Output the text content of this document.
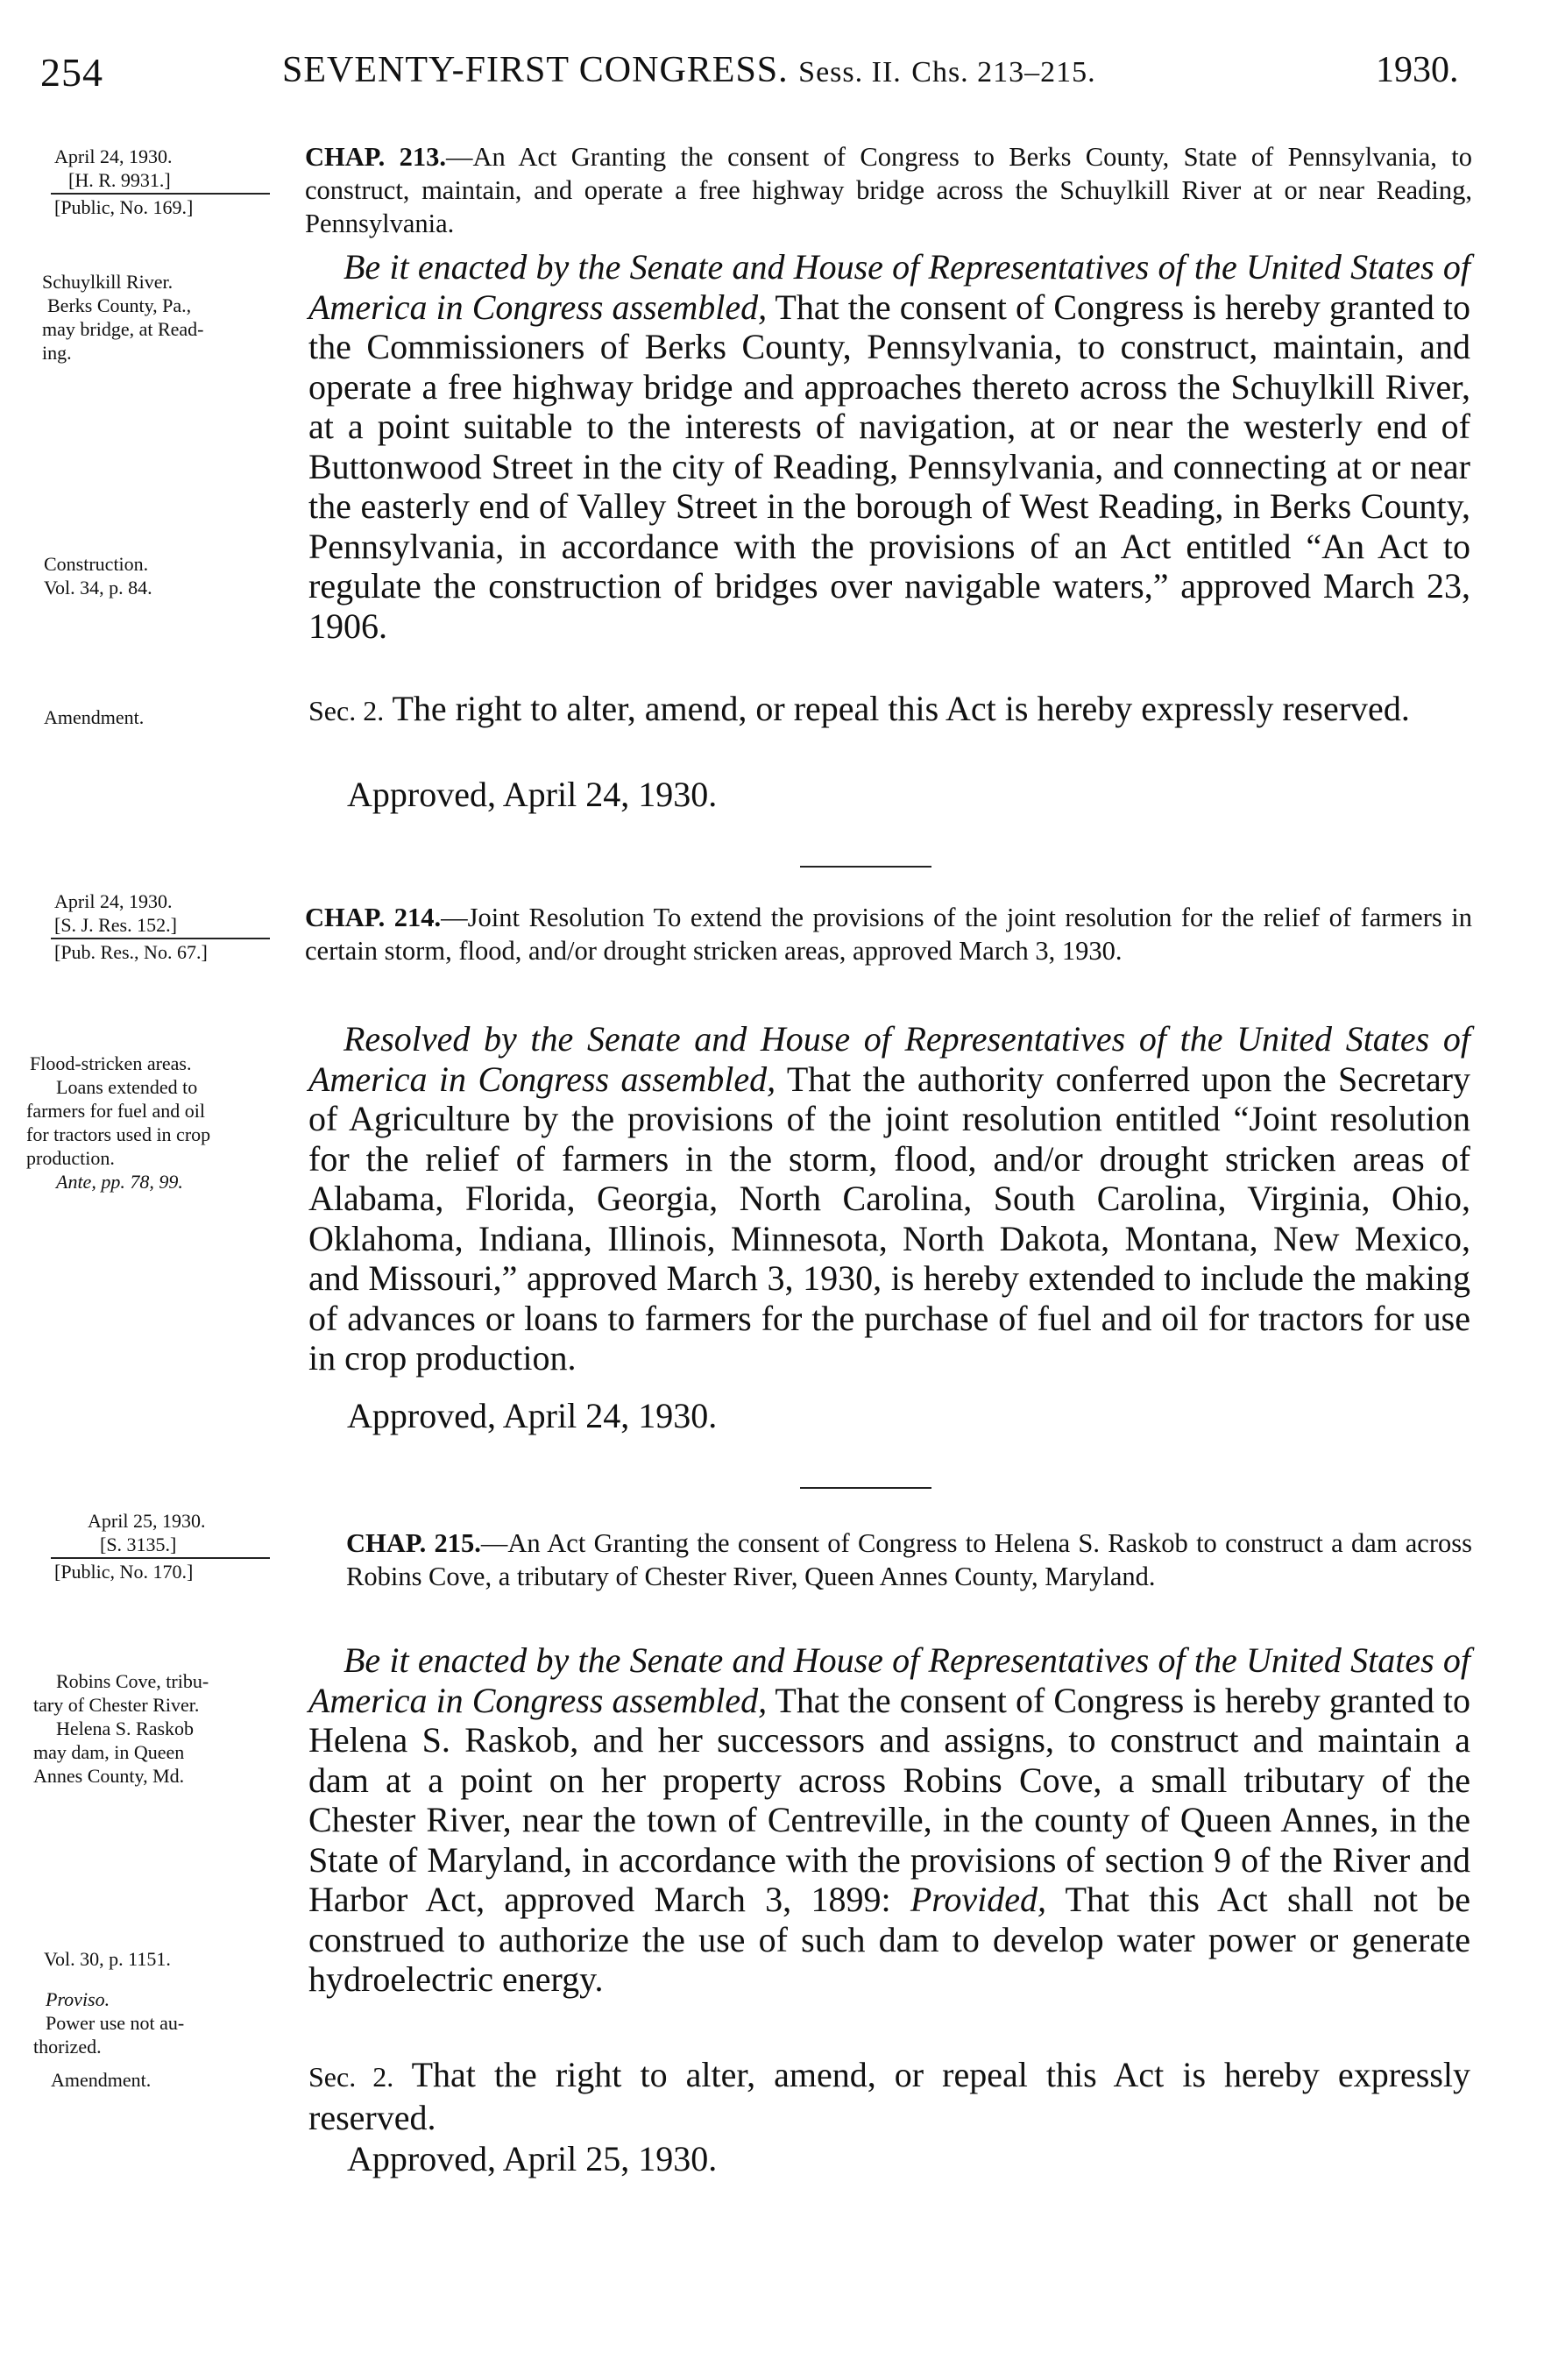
254	SEVENTY-FIRST CONGRESS. Sess. II. Chs. 213–215.	1930.
April 24, 1930.
[H. R. 9931.]
[Public, No. 169.]
CHAP. 213.—An Act Granting the consent of Congress to Berks County, State of Pennsylvania, to construct, maintain, and operate a free highway bridge across the Schuylkill River at or near Reading, Pennsylvania.
Schuylkill River.
Berks County, Pa.,
may bridge, at Read-
ing.
Be it enacted by the Senate and House of Representatives of the United States of America in Congress assembled, That the consent of Congress is hereby granted to the Commissioners of Berks County, Pennsylvania, to construct, maintain, and operate a free highway bridge and approaches thereto across the Schuylkill River, at a point suitable to the interests of navigation, at or near the westerly end of Buttonwood Street in the city of Reading, Pennsylvania, and connecting at or near the easterly end of Valley Street in the borough of West Reading, in Berks County, Pennsylvania, in accordance with the provisions of an Act entitled “An Act to regulate the construction of bridges over navigable waters,” approved March 23, 1906.
Construction.
Vol. 34, p. 84.
Amendment.	Sec. 2. The right to alter, amend, or repeal this Act is hereby expressly reserved.
Approved, April 24, 1930.
April 24, 1930.
[S. J. Res. 152.]
[Pub. Res., No. 67.]
CHAP. 214.—Joint Resolution To extend the provisions of the joint resolution for the relief of farmers in certain storm, flood, and/or drought stricken areas, approved March 3, 1930.
Flood-stricken areas.
Loans extended to
farmers for fuel and oil
for tractors used in crop
production.
Ante, pp. 78, 99.
Resolved by the Senate and House of Representatives of the United States of America in Congress assembled, That the authority conferred upon the Secretary of Agriculture by the provisions of the joint resolution entitled “Joint resolution for the relief of farmers in the storm, flood, and/or drought stricken areas of Alabama, Florida, Georgia, North Carolina, South Carolina, Virginia, Ohio, Oklahoma, Indiana, Illinois, Minnesota, North Dakota, Montana, New Mexico, and Missouri,” approved March 3, 1930, is hereby extended to include the making of advances or loans to farmers for the purchase of fuel and oil for tractors for use in crop production.
Approved, April 24, 1930.
April 25, 1930.
[S. 3135.]
[Public, No. 170.]
CHAP. 215.—An Act Granting the consent of Congress to Helena S. Raskob to construct a dam across Robins Cove, a tributary of Chester River, Queen Annes County, Maryland.
Robins Cove, tribu-
tary of Chester River.
Helena S. Raskob
may dam, in Queen
Annes County, Md.
Be it enacted by the Senate and House of Representatives of the United States of America in Congress assembled, That the consent of Congress is hereby granted to Helena S. Raskob, and her successors and assigns, to construct and maintain a dam at a point on her property across Robins Cove, a small tributary of the Chester River, near the town of Centreville, in the county of Queen Annes, in the State of Maryland, in accordance with the provisions of section 9 of the River and Harbor Act, approved March 3, 1899: Provided, That this Act shall not be construed to authorize the use of such dam to develop water power or generate hydroelectric energy.
Vol. 30, p. 1151.
Proviso.
Power use not au-
thorized.
Amendment.	Sec. 2. That the right to alter, amend, or repeal this Act is hereby expressly reserved.
Approved, April 25, 1930.
